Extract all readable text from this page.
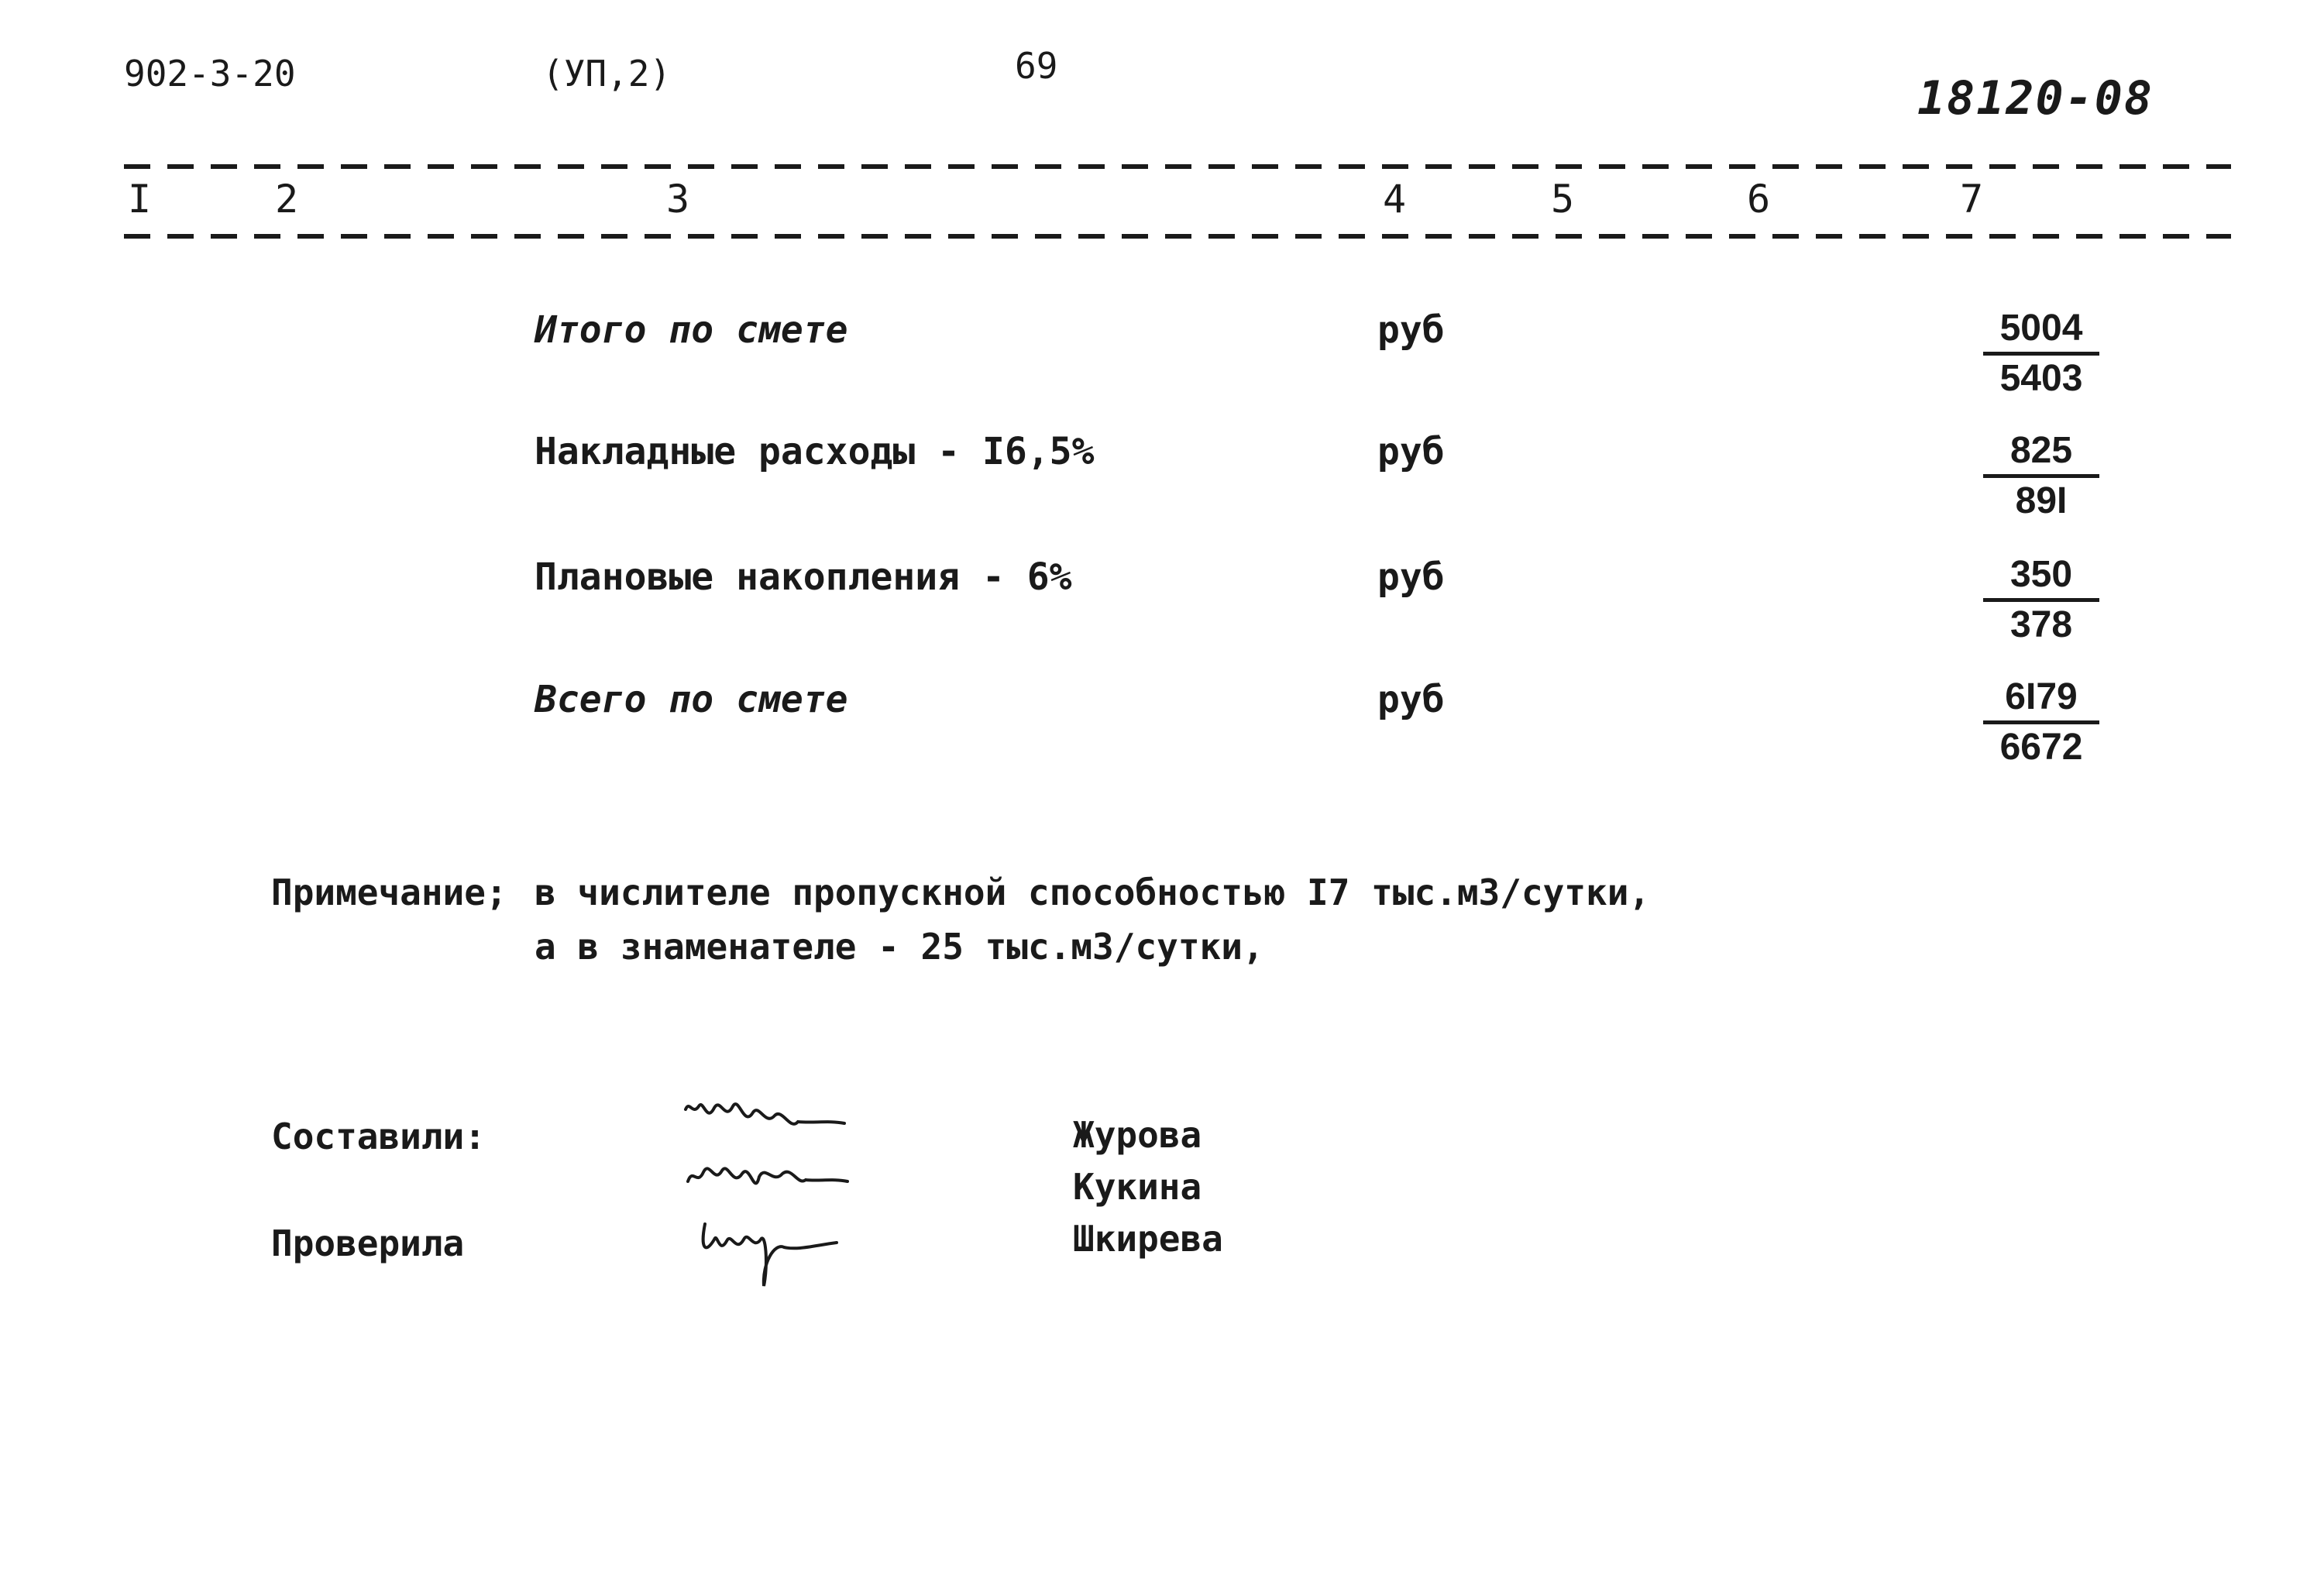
902-3-20	(УП,2)	69
18120-08
I	2	3	4	5	6	7
Итого по смете	руб	$\frac{5004}{5403}$
Накладные расходы - I6,5%	руб	$\frac{825}{89I}$
Плановые накопления - 6%	руб	$\frac{350}{378}$
Всего по смете	руб	$\frac{6I79}{6672}$
Примечание; в числителе пропускной способностью I7 тыс.м3/сутки,
а в знаменателе - 25 тыс.м3/сутки,
Составили:
Проверила
Журова
Кукина
Шкирева
